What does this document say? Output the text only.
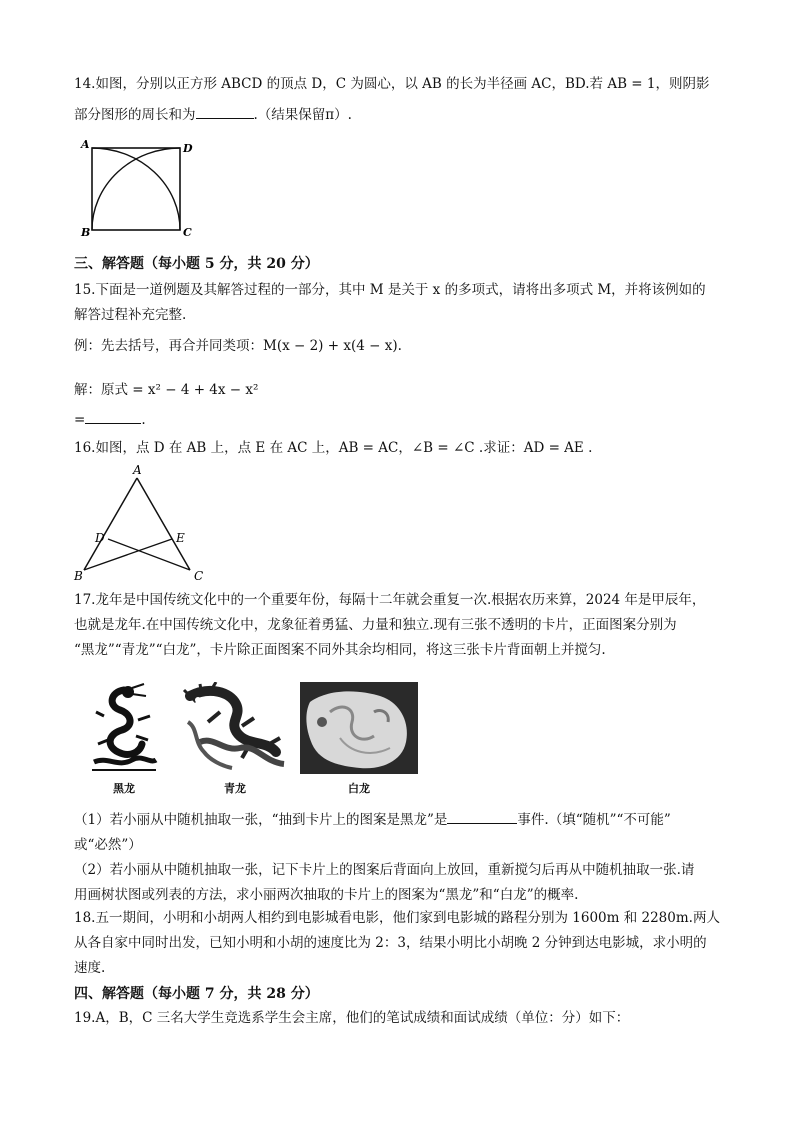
14.如图，分别以正方形 ABCD 的顶点 D，C 为圆心，以 AB 的长为半径画 AC，BD.若 AB = 1，则阴影
部分图形的周长和为	.（结果保留π）.
A	D
B	C
三、解答题（每小题 5 分，共 20 分）
15.下面是一道例题及其解答过程的一部分，其中 M 是关于 x 的多项式，请将出多项式 M，并将该例如的
解答过程补充完整.
例：先去括号，再合并同类项：M(x − 2) + x(4 − x).
解：原式 = x² − 4 + 4x − x²
=	.
16.如图，点 D 在 AB 上，点 E 在 AC 上，AB = AC，∠B = ∠C .求证：AD = AE .
A
D	E
B	C
17.龙年是中国传统文化中的一个重要年份，每隔十二年就会重复一次.根据农历来算，2024 年是甲辰年，
也就是龙年.在中国传统文化中，龙象征着勇猛、力量和独立.现有三张不透明的卡片，正面图案分别为
“黑龙”“青龙”“白龙”，卡片除正面图案不同外其余均相同，将这三张卡片背面朝上并搅匀.
黑龙	青龙	白龙
（1）若小丽从中随机抽取一张，“抽到卡片上的图案是黑龙”是	事件.（填“随机”“不可能”
或“必然”）
（2）若小丽从中随机抽取一张，记下卡片上的图案后背面向上放回，重新搅匀后再从中随机抽取一张.请
用画树状图或列表的方法，求小丽两次抽取的卡片上的图案为“黑龙”和“白龙”的概率.
18.五一期间，小明和小胡两人相约到电影城看电影，他们家到电影城的路程分别为 1600m 和 2280m.两人
从各自家中同时出发，已知小明和小胡的速度比为 2：3，结果小明比小胡晚 2 分钟到达电影城，求小明的
速度.
四、解答题（每小题 7 分，共 28 分）
19.A，B，C 三名大学生竞选系学生会主席，他们的笔试成绩和面试成绩（单位：分）如下：
